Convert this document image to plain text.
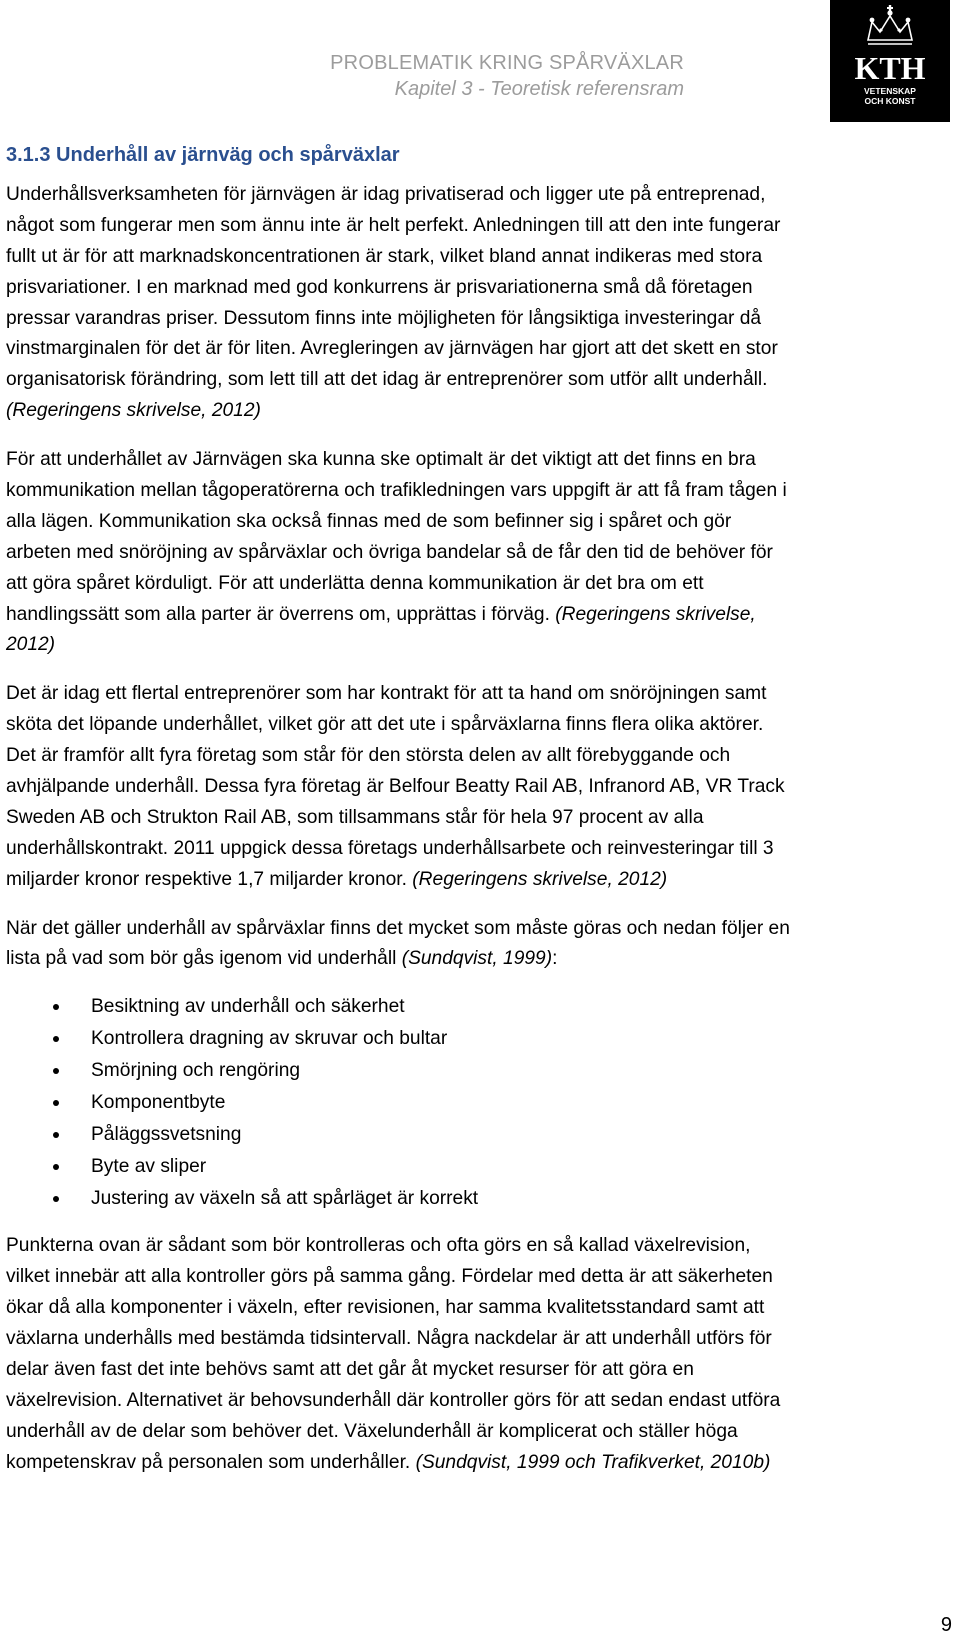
PROBLEMATIK KRING SPÅRVÄXLAR
Kapitel 3 - Teoretisk referensram
KTH
VETENSKAP
OCH KONST
3.1.3 Underhåll av järnväg och spårväxlar
Underhållsverksamheten för järnvägen är idag privatiserad och ligger ute på entreprenad,
något som fungerar men som ännu inte är helt perfekt. Anledningen till att den inte fungerar
fullt ut är för att marknadskoncentrationen är stark, vilket bland annat indikeras med stora
prisvariationer. I en marknad med god konkurrens är prisvariationerna små då företagen
pressar varandras priser. Dessutom finns inte möjligheten för långsiktiga investeringar då
vinstmarginalen för det är för liten. Avregleringen av järnvägen har gjort att det skett en stor
organisatorisk förändring, som lett till att det idag är entreprenörer som utför allt underhåll.
(Regeringens skrivelse, 2012)
För att underhållet av Järnvägen ska kunna ske optimalt är det viktigt att det finns en bra
kommunikation mellan tågoperatörerna och trafikledningen vars uppgift är att få fram tågen i
alla lägen. Kommunikation ska också finnas med de som befinner sig i spåret och gör
arbeten med snöröjning av spårväxlar och övriga bandelar så de får den tid de behöver för
att göra spåret körduligt. För att underlätta denna kommunikation är det bra om ett
handlingssätt som alla parter är överrens om, upprättas i förväg. (Regeringens skrivelse,
2012)
Det är idag ett flertal entreprenörer som har kontrakt för att ta hand om snöröjningen samt
sköta det löpande underhållet, vilket gör att det ute i spårväxlarna finns flera olika aktörer.
Det är framför allt fyra företag som står för den största delen av allt förebyggande och
avhjälpande underhåll. Dessa fyra företag är Belfour Beatty Rail AB, Infranord AB, VR Track
Sweden AB och Strukton Rail AB, som tillsammans står för hela 97 procent av alla
underhållskontrakt. 2011 uppgick dessa företags underhållsarbete och reinvesteringar till 3
miljarder kronor respektive 1,7 miljarder kronor. (Regeringens skrivelse, 2012)
När det gäller underhåll av spårväxlar finns det mycket som måste göras och nedan följer en
lista på vad som bör gås igenom vid underhåll (Sundqvist, 1999):
Besiktning av underhåll och säkerhet
Kontrollera dragning av skruvar och bultar
Smörjning och rengöring
Komponentbyte
Påläggssvetsning
Byte av sliper
Justering av växeln så att spårläget är korrekt
Punkterna ovan är sådant som bör kontrolleras och ofta görs en så kallad växelrevision,
vilket innebär att alla kontroller görs på samma gång. Fördelar med detta är att säkerheten
ökar då alla komponenter i växeln, efter revisionen, har samma kvalitetsstandard samt att
växlarna underhålls med bestämda tidsintervall. Några nackdelar är att underhåll utförs för
delar även fast det inte behövs samt att det går åt mycket resurser för att göra en
växelrevision. Alternativet är behovsunderhåll där kontroller görs för att sedan endast utföra
underhåll av de delar som behöver det. Växelunderhåll är komplicerat och ställer höga
kompetenskrav på personalen som underhåller. (Sundqvist, 1999 och Trafikverket, 2010b)
9
